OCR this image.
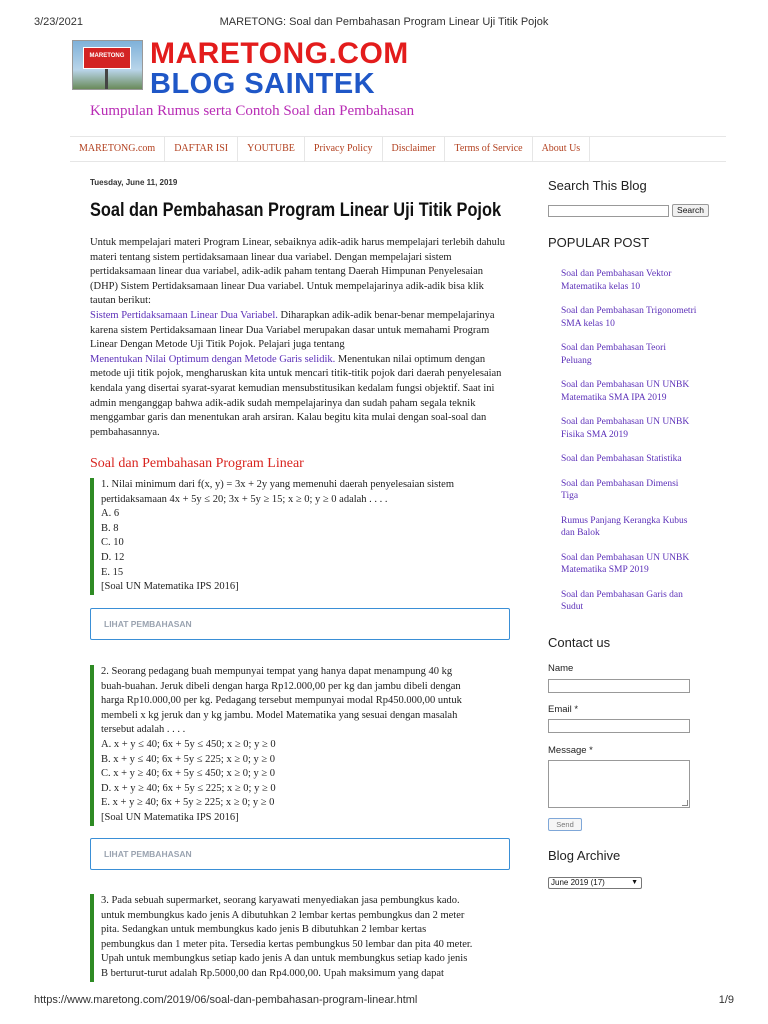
3/23/2021	MARETONG: Soal dan Pembahasan Program Linear Uji Titik Pojok
MARETONG MARETONG.COM
BLOG SAINTEK
Kumpulan Rumus serta Contoh Soal dan Pembahasan
MARETONG.com	DAFTAR ISI	YOUTUBE	Privacy Policy	Disclaimer	Terms of Service	About Us
Tuesday, June 11, 2019
Soal dan Pembahasan Program Linear Uji Titik Pojok
Untuk mempelajari materi Program Linear, sebaiknya adik-adik harus mempelajari terlebih dahulu materi tentang sistem pertidaksamaan linear dua variabel. Dengan mempelajari sistem pertidaksamaan linear dua variabel, adik-adik paham tentang Daerah Himpunan Penyelesaian (DHP) Sistem Pertidaksamaan linear Dua variabel. Untuk mempelajarinya adik-adik bisa klik tautan berikut:
Sistem Pertidaksamaan Linear Dua Variabel. Diharapkan adik-adik benar-benar mempelajarinya karena sistem Pertidaksamaan linear Dua Variabel merupakan dasar untuk memahami Program Linear Dengan Metode Uji Titik Pojok. Pelajari juga tentang
Menentukan Nilai Optimum dengan Metode Garis selidik. Menentukan nilai optimum dengan metode uji titik pojok, mengharuskan kita untuk mencari titik-titik pojok dari daerah penyelesaian kendala yang disertai syarat-syarat kemudian mensubstitusikan kedalam fungsi objektif. Saat ini admin menganggap bahwa adik-adik sudah mempelajarinya dan sudah paham segala teknik menggambar garis dan menentukan arah arsiran. Kalau begitu kita mulai dengan soal-soal dan pembahasannya.
Soal dan Pembahasan Program Linear
1. Nilai minimum dari f(x, y) = 3x + 2y yang memenuhi daerah penyelesaian sistem
pertidaksamaan 4x + 5y ≤ 20; 3x + 5y ≥ 15; x ≥ 0; y ≥ 0 adalah . . . .
A. 6
B. 8
C. 10
D. 12
E. 15
[Soal UN Matematika IPS 2016]
LIHAT PEMBAHASAN
2. Seorang pedagang buah mempunyai tempat yang hanya dapat menampung 40 kg
buah-buahan. Jeruk dibeli dengan harga Rp12.000,00 per kg dan jambu dibeli dengan
harga Rp10.000,00 per kg. Pedagang tersebut mempunyai modal Rp450.000,00 untuk
membeli x kg jeruk dan y kg jambu. Model Matematika yang sesuai dengan masalah
tersebut adalah . . . .
A. x + y ≤ 40; 6x + 5y ≤ 450; x ≥ 0; y ≥ 0
B. x + y ≤ 40; 6x + 5y ≤ 225; x ≥ 0; y ≥ 0
C. x + y ≥ 40; 6x + 5y ≤ 450; x ≥ 0; y ≥ 0
D. x + y ≥ 40; 6x + 5y ≤ 225; x ≥ 0; y ≥ 0
E. x + y ≥ 40; 6x + 5y ≥ 225; x ≥ 0; y ≥ 0
[Soal UN Matematika IPS 2016]
LIHAT PEMBAHASAN
3. Pada sebuah supermarket, seorang karyawati menyediakan jasa pembungkus kado.
untuk membungkus kado jenis A dibutuhkan 2 lembar kertas pembungkus dan 2 meter
pita. Sedangkan untuk membungkus kado jenis B dibutuhkan 2 lembar kertas
pembungkus dan 1 meter pita. Tersedia kertas pembungkus 50 lembar dan pita 40 meter.
Upah untuk membungkus setiap kado jenis A dan untuk membungkus setiap kado jenis
B berturut-turut adalah Rp.5000,00 dan Rp4.000,00. Upah maksimum yang dapat
Search This Blog
Search
POPULAR POST
Soal dan Pembahasan Vektor
Matematika kelas 10
Soal dan Pembahasan Trigonometri
SMA kelas 10
Soal dan Pembahasan Teori
Peluang
Soal dan Pembahasan UN UNBK
Matematika SMA IPA 2019
Soal dan Pembahasan UN UNBK
Fisika SMA 2019
Soal dan Pembahasan Statistika
Soal dan Pembahasan Dimensi
Tiga
Rumus Panjang Kerangka Kubus
dan Balok
Soal dan Pembahasan UN UNBK
Matematika SMP 2019
Soal dan Pembahasan Garis dan
Sudut
Contact us
Name
Email *
Message *
Send
Blog Archive
June 2019 (17)	▼
https://www.maretong.com/2019/06/soal-dan-pembahasan-program-linear.html	1/9
